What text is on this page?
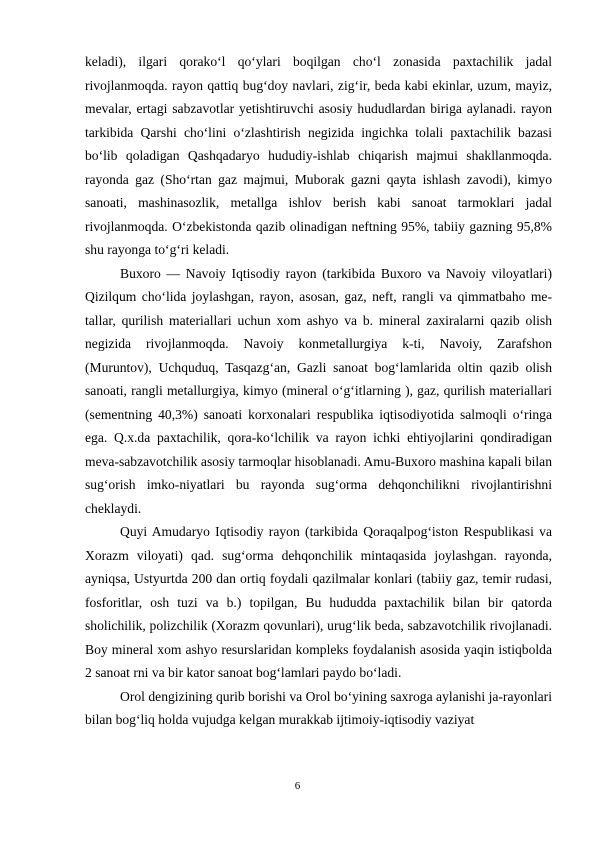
keladi), ilgari qorakoʻl qoʻylari boqilgan choʻl zonasida paxtachilik jadal rivojlanmoqda. rayon qattiq bugʻdoy navlari, zigʻir, beda kabi ekinlar, uzum, mayiz, mevalar, ertagi sabzavotlar yetishtiruvchi asosiy hududlardan biriga aylanadi. rayon tarkibida Qarshi choʻlini oʻzlashtirish negizida ingichka tolali paxtachilik bazasi boʻlib qoladigan Qashqadaryo hududiy-ishlab chiqarish majmui shakllanmoqda. rayonda gaz (Shoʻrtan gaz majmui, Muborak gazni qayta ishlash zavodi), kimyo sanoati, mashinasozlik, metallga ishlov berish kabi sanoat tarmoklari jadal rivojlanmoqda. Oʻzbekistonda qazib olinadigan neftning 95%, tabiiy gazning 95,8% shu rayonga toʻgʻri keladi.

Buxoro — Navoiy Iqtisodiy rayon (tarkibida Buxoro va Navoiy viloyatlari) Qizilqum choʻlida joylashgan, rayon, asosan, gaz, neft, rangli va qimmatbaho me-tallar, qurilish materiallari uchun xom ashyo va b. mineral zaxiralarni qazib olish negizida rivojlanmoqda. Navoiy konmetallurgiya k-ti, Navoiy, Zarafshon (Muruntov), Uchquduq, Tasqazgʻan, Gazli sanoat bogʻlamlarida oltin qazib olish sanoati, rangli metallurgiya, kimyo (mineral oʻgʻitlarning ), gaz, qurilish materiallari (sementning 40,3%) sanoati korxonalari respublika iqtisodiyotida salmoqli oʻringa ega. Q.x.da paxtachilik, qora-koʻlchilik va rayon ichki ehtiyojlarini qondiradigan meva-sabzavotchilik asosiy tarmoqlar hisoblanadi. Amu-Buxoro mashina kapali bilan sugʻorish imko-niyatlari bu rayonda sugʻorma dehqonchilikni rivojlantirishni cheklaydi.

Quyi Amudaryo Iqtisodiy rayon (tarkibida Qoraqalpogʻiston Respublikasi va Xorazm viloyati) qad. sugʻorma dehqonchilik mintaqasida joylashgan. rayonda, ayniqsa, Ustyurtda 200 dan ortiq foydali qazilmalar konlari (tabiiy gaz, temir rudasi, fosforitlar, osh tuzi va b.) topilgan, Bu hududda paxtachilik bilan bir qatorda sholichilik, polizchilik (Xorazm qovunlari), urugʻlik beda, sabzavotchilik rivojlanadi. Boy mineral xom ashyo resurslaridan kompleks foydalanish asosida yaqin istiqbolda 2 sanoat rni va bir kator sanoat bogʻlamlari paydo boʻladi.

Orol dengizining qurib borishi va Orol boʻyining saxroga aylanishi ja-rayonlari bilan bogʻliq holda vujudga kelgan murakkab ijtimoiy-iqtisodiy vaziyat

6
